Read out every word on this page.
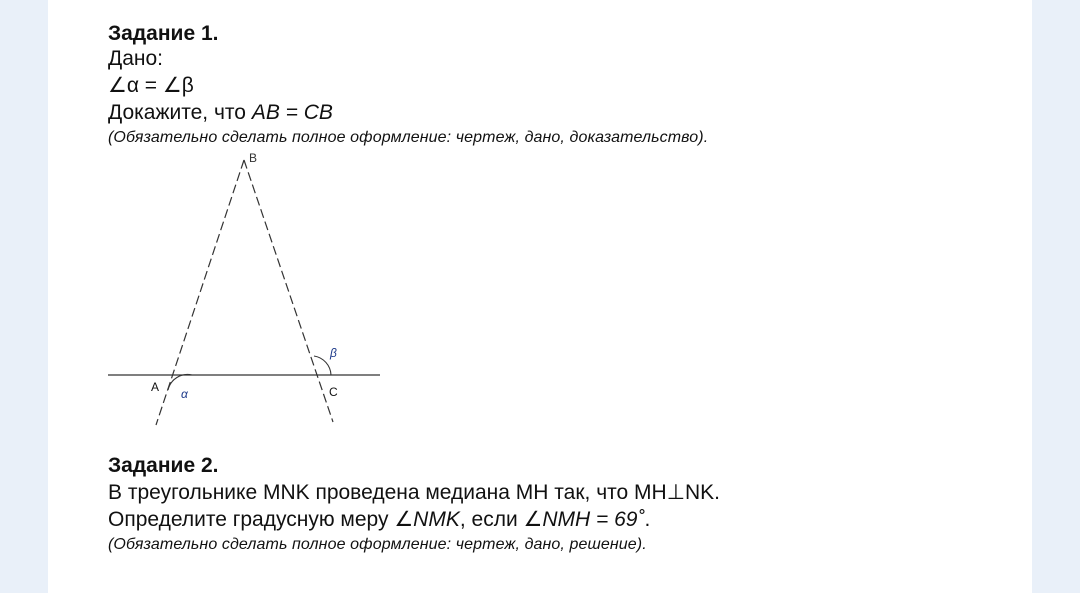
Задание 1.
Дано:
∠α = ∠β
Докажите, что AB = CB
(Обязательно сделать полное оформление: чертеж, дано, доказательство).
B
A	C
α
β
Задание 2.
В треугольнике MNK проведена медиана MH так, что MH⊥NK.
Определите градусную меру ∠NMK, если ∠NMH = 69˚.
(Обязательно сделать полное оформление: чертеж, дано, решение).
